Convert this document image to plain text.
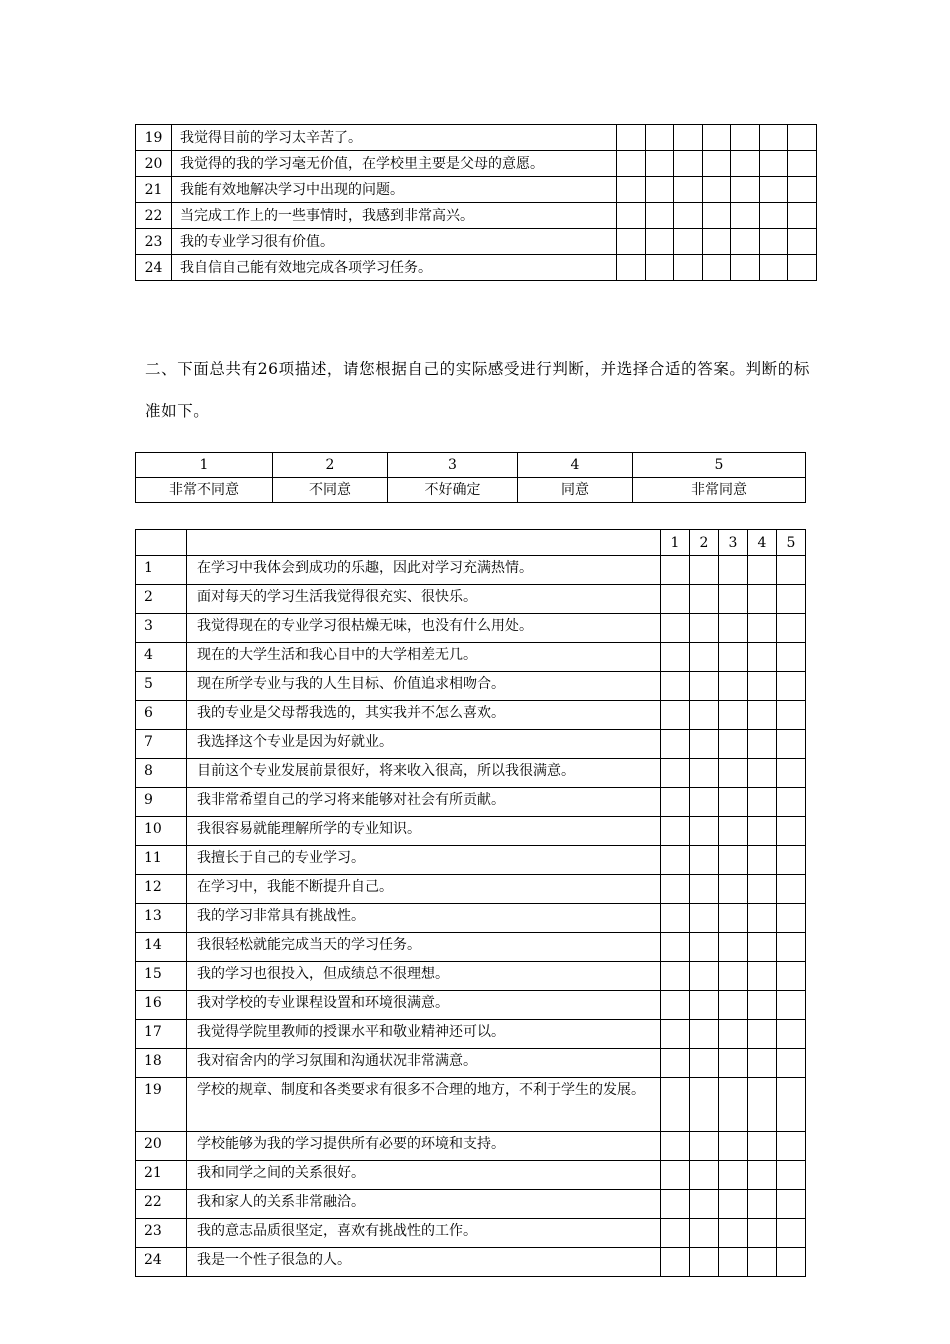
19	我觉得目前的学习太辛苦了。							
20	我觉得的我的学习毫无价值，在学校里主要是父母的意愿。							
21	我能有效地解决学习中出现的问题。							
22	当完成工作上的一些事情时，我感到非常高兴。							
23	我的专业学习很有价值。							
24	我自信自己能有效地完成各项学习任务。							

二、下面总共有26项描述，请您根据自己的实际感受进行判断，并选择合适的答案。判断的标准如下。

1	2	3	4	5
非常不同意	不同意	不好确定	同意	非常同意
		1	2	3	4	5
1	在学习中我体会到成功的乐趣，因此对学习充满热情。					
2	面对每天的学习生活我觉得很充实、很快乐。					
3	我觉得现在的专业学习很枯燥无味，也没有什么用处。					
4	现在的大学生活和我心目中的大学相差无几。					
5	现在所学专业与我的人生目标、价值追求相吻合。					
6	我的专业是父母帮我选的，其实我并不怎么喜欢。					
7	我选择这个专业是因为好就业。					
8	目前这个专业发展前景很好，将来收入很高，所以我很满意。					
9	我非常希望自己的学习将来能够对社会有所贡献。					
10	我很容易就能理解所学的专业知识。					
11	我擅长于自己的专业学习。					
12	在学习中，我能不断提升自己。					
13	我的学习非常具有挑战性。					
14	我很轻松就能完成当天的学习任务。					
15	我的学习也很投入，但成绩总不很理想。					
16	我对学校的专业课程设置和环境很满意。					
17	我觉得学院里教师的授课水平和敬业精神还可以。					
18	我对宿舍内的学习氛围和沟通状况非常满意。					
19	学校的规章、制度和各类要求有很多不合理的地方，不利于学生的发展。					
20	学校能够为我的学习提供所有必要的环境和支持。					
21	我和同学之间的关系很好。					
22	我和家人的关系非常融洽。					
23	我的意志品质很坚定，喜欢有挑战性的工作。					
24	我是一个性子很急的人。					
